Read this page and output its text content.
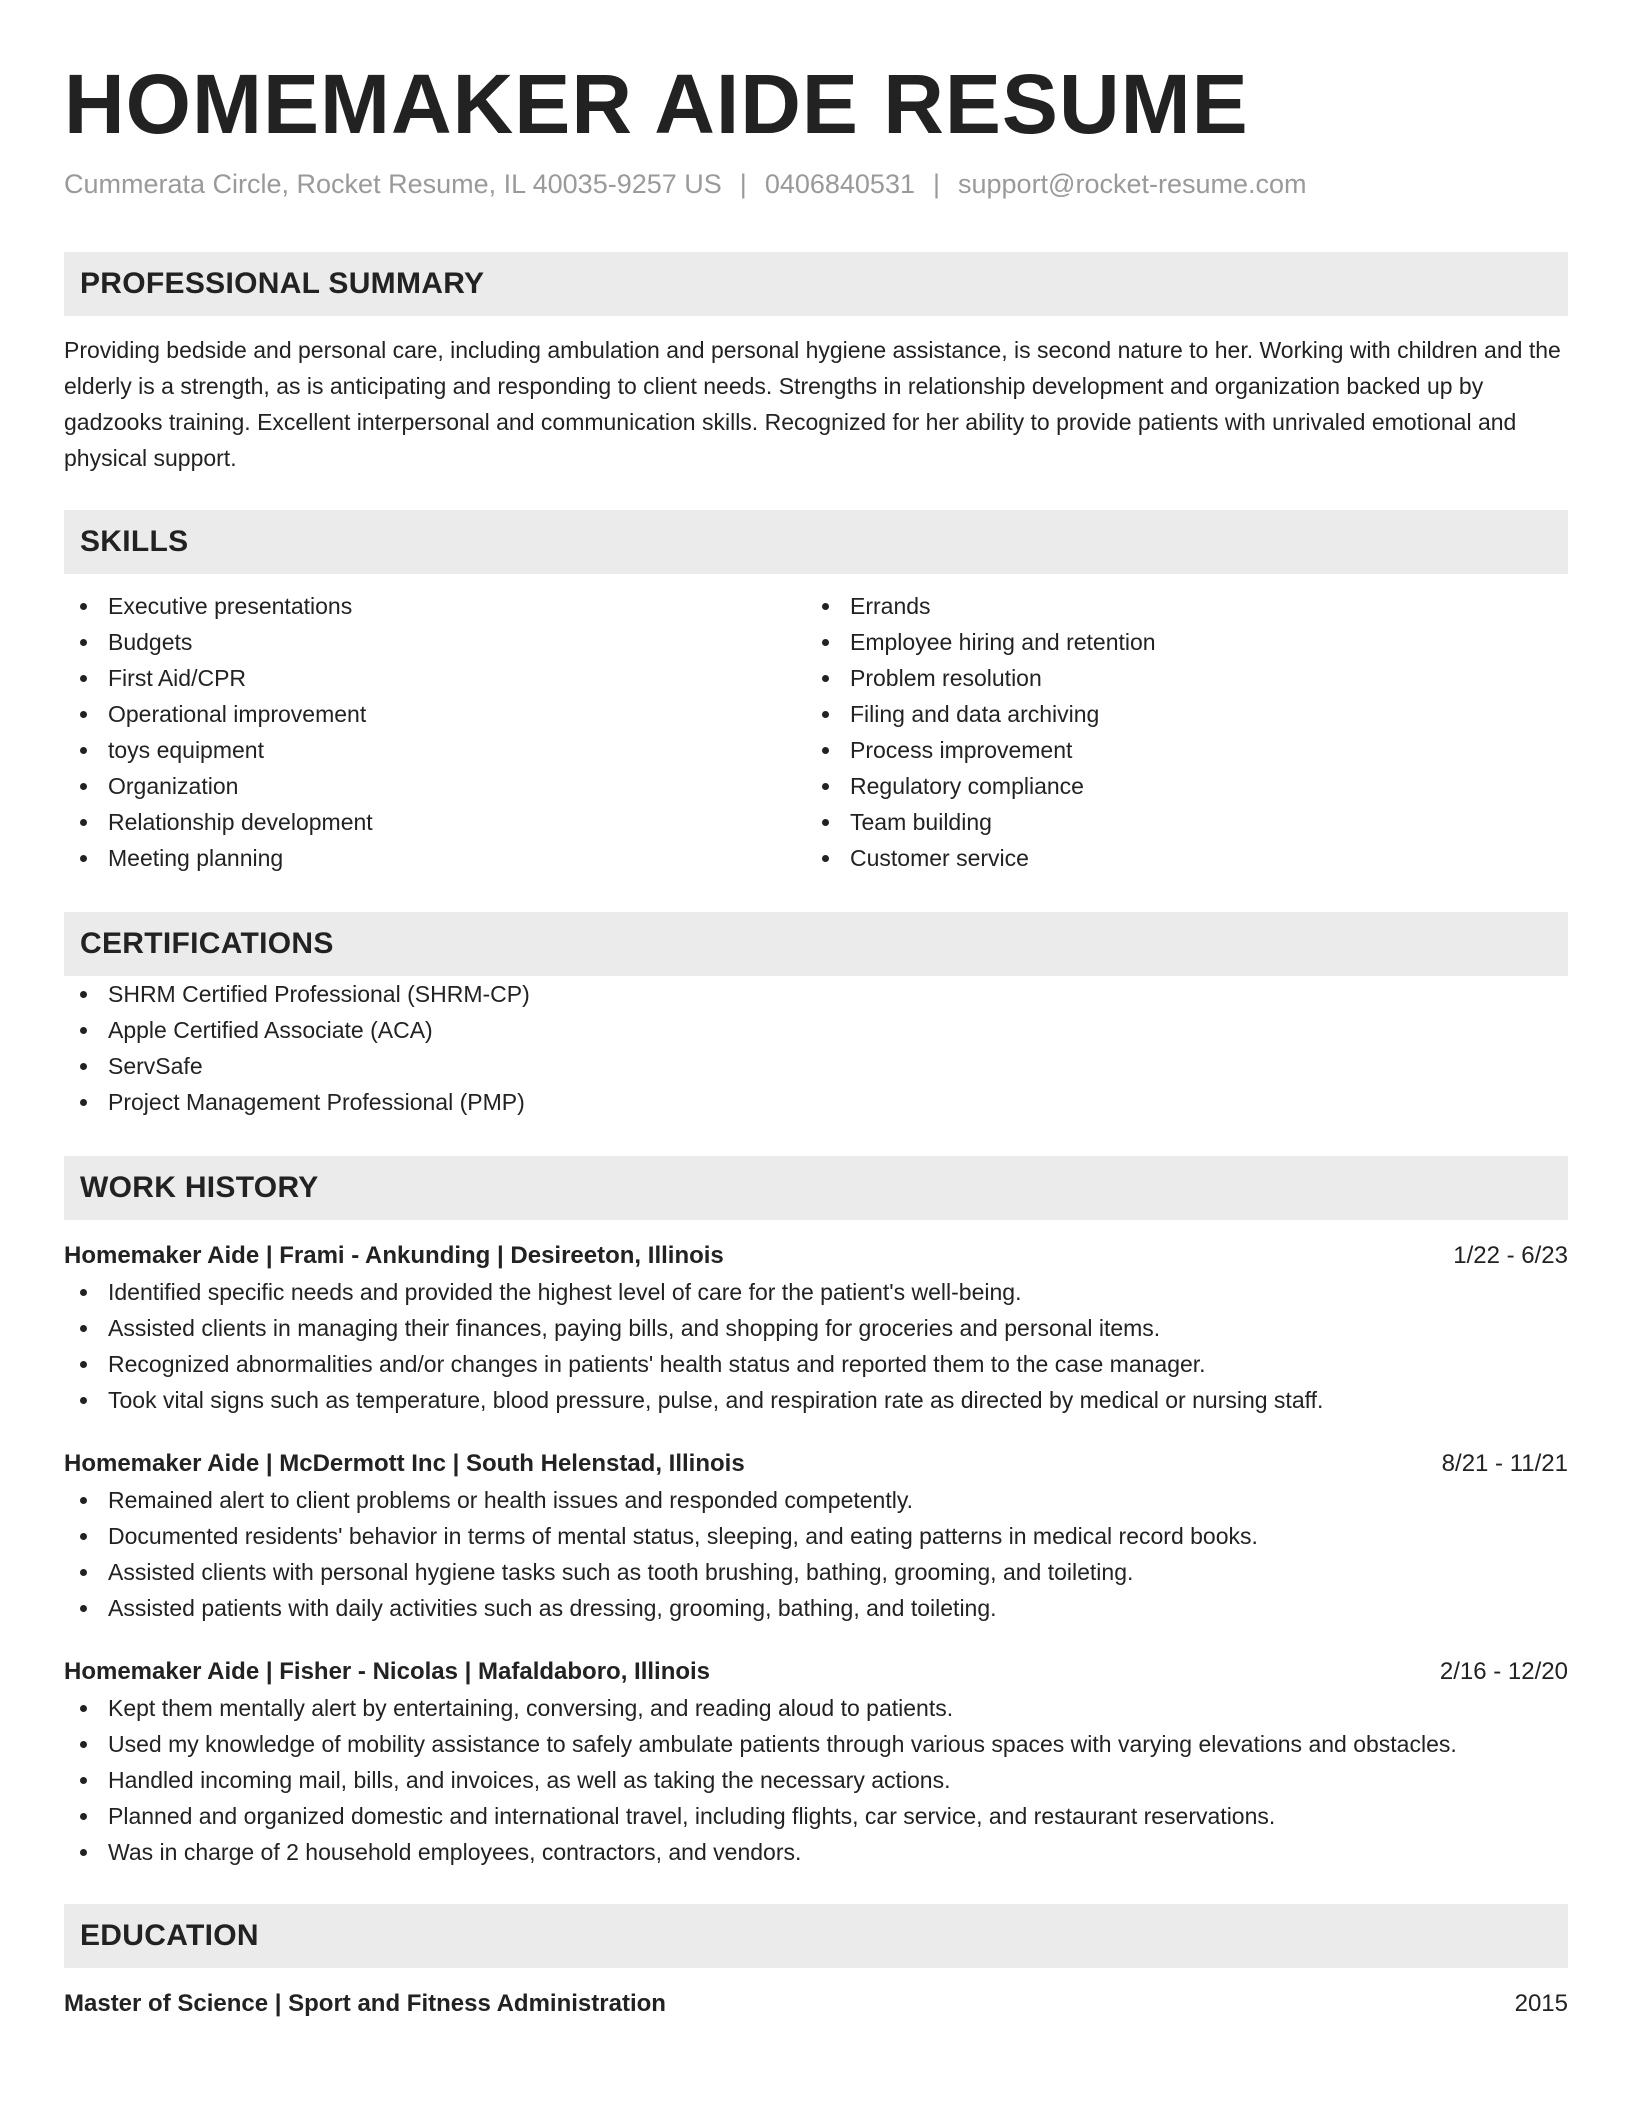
HOMEMAKER AIDE RESUME
Cummerata Circle, Rocket Resume, IL 40035-9257 US | 0406840531 | support@rocket-resume.com
PROFESSIONAL SUMMARY
Providing bedside and personal care, including ambulation and personal hygiene assistance, is second nature to her. Working with children and the elderly is a strength, as is anticipating and responding to client needs. Strengths in relationship development and organization backed up by gadzooks training. Excellent interpersonal and communication skills. Recognized for her ability to provide patients with unrivaled emotional and physical support.
SKILLS
Executive presentations
Budgets
First Aid/CPR
Operational improvement
toys equipment
Organization
Relationship development
Meeting planning
Errands
Employee hiring and retention
Problem resolution
Filing and data archiving
Process improvement
Regulatory compliance
Team building
Customer service
CERTIFICATIONS
SHRM Certified Professional (SHRM-CP)
Apple Certified Associate (ACA)
ServSafe
Project Management Professional (PMP)
WORK HISTORY
Homemaker Aide | Frami - Ankunding | Desireeton, Illinois	1/22 - 6/23
Identified specific needs and provided the highest level of care for the patient's well-being.
Assisted clients in managing their finances, paying bills, and shopping for groceries and personal items.
Recognized abnormalities and/or changes in patients' health status and reported them to the case manager.
Took vital signs such as temperature, blood pressure, pulse, and respiration rate as directed by medical or nursing staff.
Homemaker Aide | McDermott Inc | South Helenstad, Illinois	8/21 - 11/21
Remained alert to client problems or health issues and responded competently.
Documented residents' behavior in terms of mental status, sleeping, and eating patterns in medical record books.
Assisted clients with personal hygiene tasks such as tooth brushing, bathing, grooming, and toileting.
Assisted patients with daily activities such as dressing, grooming, bathing, and toileting.
Homemaker Aide | Fisher - Nicolas | Mafaldaboro, Illinois	2/16 - 12/20
Kept them mentally alert by entertaining, conversing, and reading aloud to patients.
Used my knowledge of mobility assistance to safely ambulate patients through various spaces with varying elevations and obstacles.
Handled incoming mail, bills, and invoices, as well as taking the necessary actions.
Planned and organized domestic and international travel, including flights, car service, and restaurant reservations.
Was in charge of 2 household employees, contractors, and vendors.
EDUCATION
Master of Science | Sport and Fitness Administration	2015
